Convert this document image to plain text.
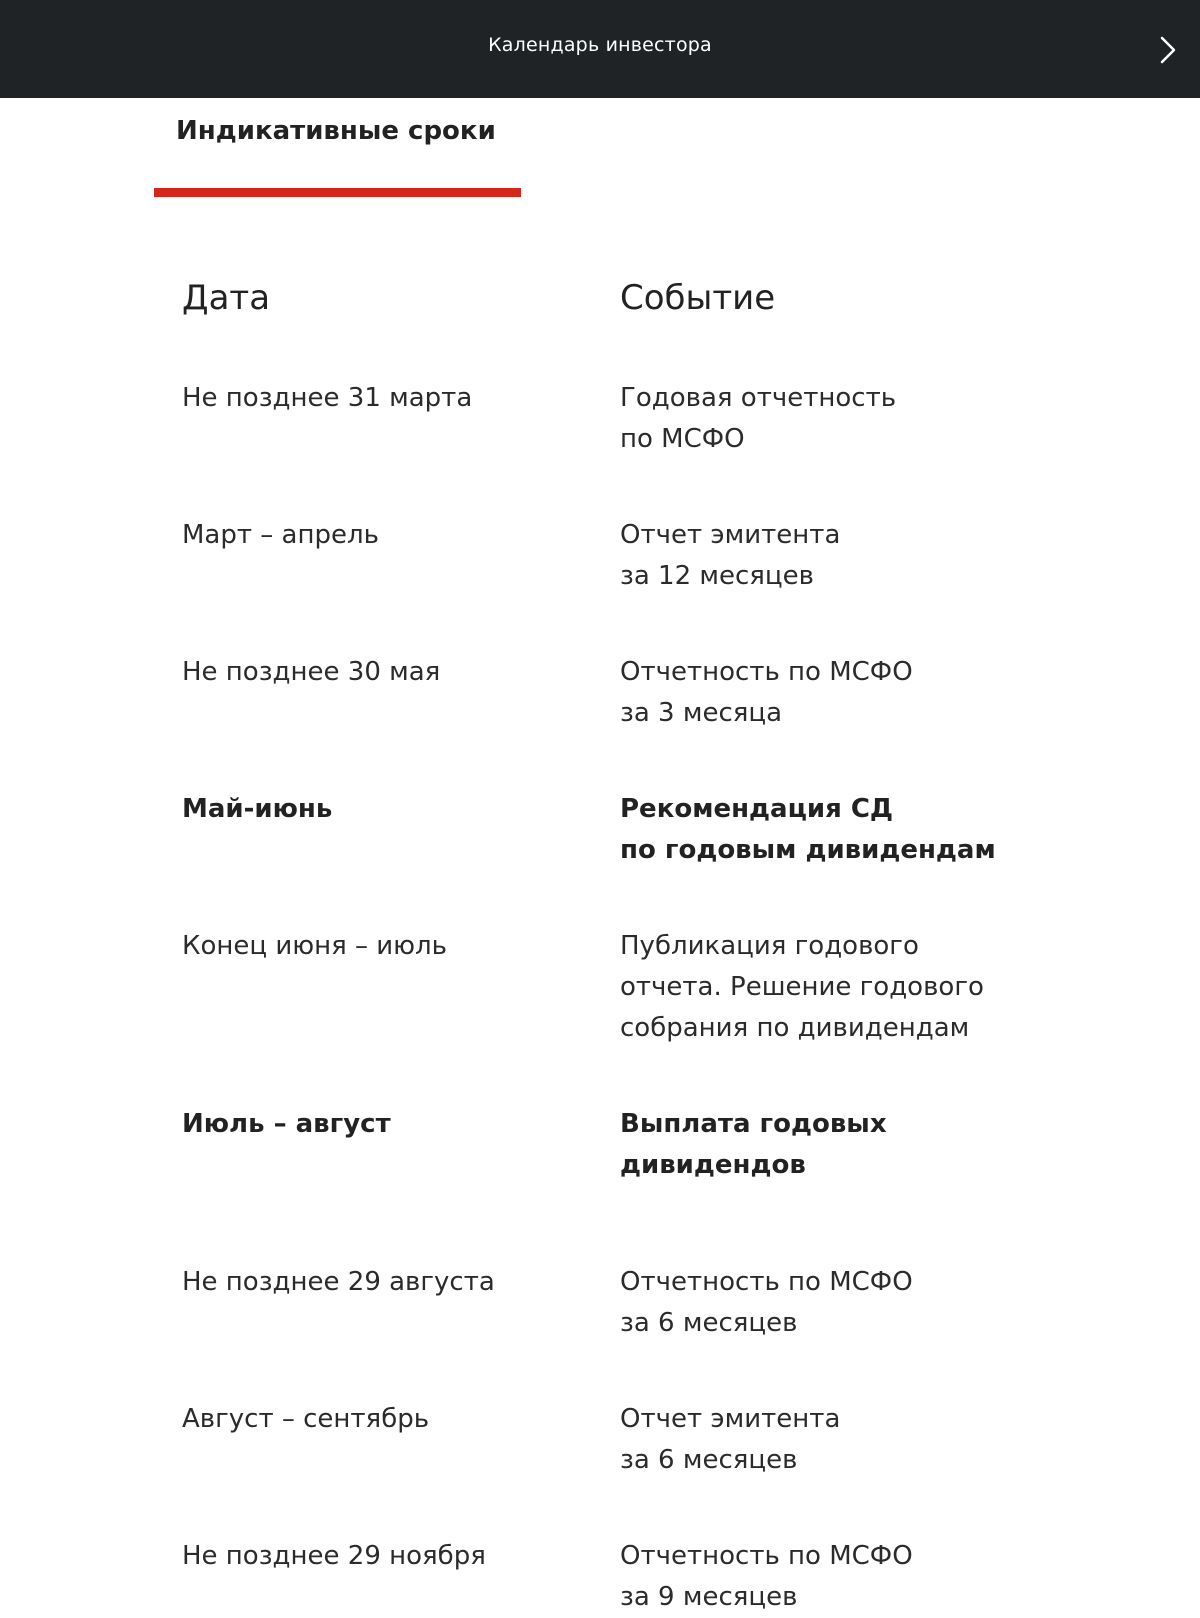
Календарь инвестора
Индикативные сроки
Дата	Событие
Не позднее 31 марта	Годовая отчетность
по МСФО
Март – апрель	Отчет эмитента
за 12 месяцев
Не позднее 30 мая	Отчетность по МСФО
за 3 месяца
Май-июнь	Рекомендация СД
по годовым дивидендам
Конец июня – июль	Публикация годового
отчета. Решение годового
собрания по дивидендам
Июль – август	Выплата годовых
дивидендов
Не позднее 29 августа	Отчетность по МСФО
за 6 месяцев
Август – сентябрь	Отчет эмитента
за 6 месяцев
Не позднее 29 ноября	Отчетность по МСФО
за 9 месяцев
